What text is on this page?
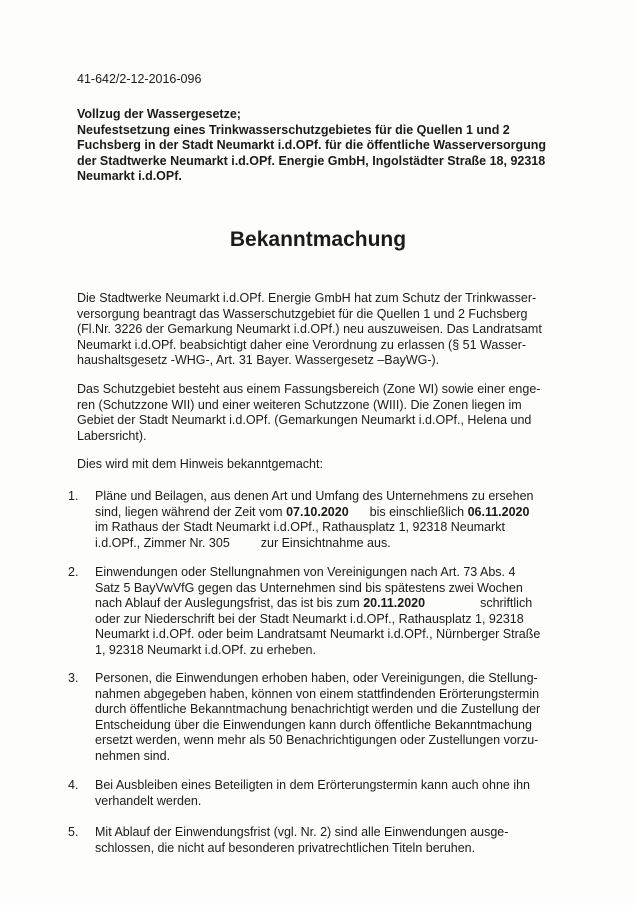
41-642/2-12-2016-096
Vollzug der Wassergesetze;
Neufestsetzung eines Trinkwasserschutzgebietes für die Quellen 1 und 2
Fuchsberg in der Stadt Neumarkt i.d.OPf. für die öffentliche Wasserversorgung
der Stadtwerke Neumarkt i.d.OPf. Energie GmbH, Ingolstädter Straße 18, 92318
Neumarkt i.d.OPf.
Bekanntmachung
Die Stadtwerke Neumarkt i.d.OPf. Energie GmbH hat zum Schutz der Trinkwasser-
versorgung beantragt das Wasserschutzgebiet für die Quellen 1 und 2 Fuchsberg
(Fl.Nr. 3226 der Gemarkung Neumarkt i.d.OPf.) neu auszuweisen. Das Landratsamt
Neumarkt i.d.OPf. beabsichtigt daher eine Verordnung zu erlassen (§ 51 Wasser-
haushaltsgesetz -WHG-, Art. 31 Bayer. Wassergesetz –BayWG-).
Das Schutzgebiet besteht aus einem Fassungsbereich (Zone WI) sowie einer enge-
ren (Schutzzone WII) und einer weiteren Schutzzone (WIII). Die Zonen liegen im
Gebiet der Stadt Neumarkt i.d.OPf. (Gemarkungen Neumarkt i.d.OPf., Helena und
Labersricht).
Dies wird mit dem Hinweis bekanntgemacht:
1. Pläne und Beilagen, aus denen Art und Umfang des Unternehmens zu ersehen
sind, liegen während der Zeit vom 07.10.2020 bis einschließlich 06.11.2020
im Rathaus der Stadt Neumarkt i.d.OPf., Rathausplatz 1, 92318 Neumarkt
i.d.OPf., Zimmer Nr. 305 zur Einsichtnahme aus.
2. Einwendungen oder Stellungnahmen von Vereinigungen nach Art. 73 Abs. 4
Satz 5 BayVwVfG gegen das Unternehmen sind bis spätestens zwei Wochen
nach Ablauf der Auslegungsfrist, das ist bis zum 20.11.2020	schriftlich
oder zur Niederschrift bei der Stadt Neumarkt i.d.OPf., Rathausplatz 1, 92318
Neumarkt i.d.OPf. oder beim Landratsamt Neumarkt i.d.OPf., Nürnberger Straße
1, 92318 Neumarkt i.d.OPf. zu erheben.
3. Personen, die Einwendungen erhoben haben, oder Vereinigungen, die Stellung-
nahmen abgegeben haben, können von einem stattfindenden Erörterungstermin
durch öffentliche Bekanntmachung benachrichtigt werden und die Zustellung der
Entscheidung über die Einwendungen kann durch öffentliche Bekanntmachung
ersetzt werden, wenn mehr als 50 Benachrichtigungen oder Zustellungen vorzu-
nehmen sind.
4. Bei Ausbleiben eines Beteiligten in dem Erörterungstermin kann auch ohne ihn
verhandelt werden.
5. Mit Ablauf der Einwendungsfrist (vgl. Nr. 2) sind alle Einwendungen ausge-
schlossen, die nicht auf besonderen privatrechtlichen Titeln beruhen.
